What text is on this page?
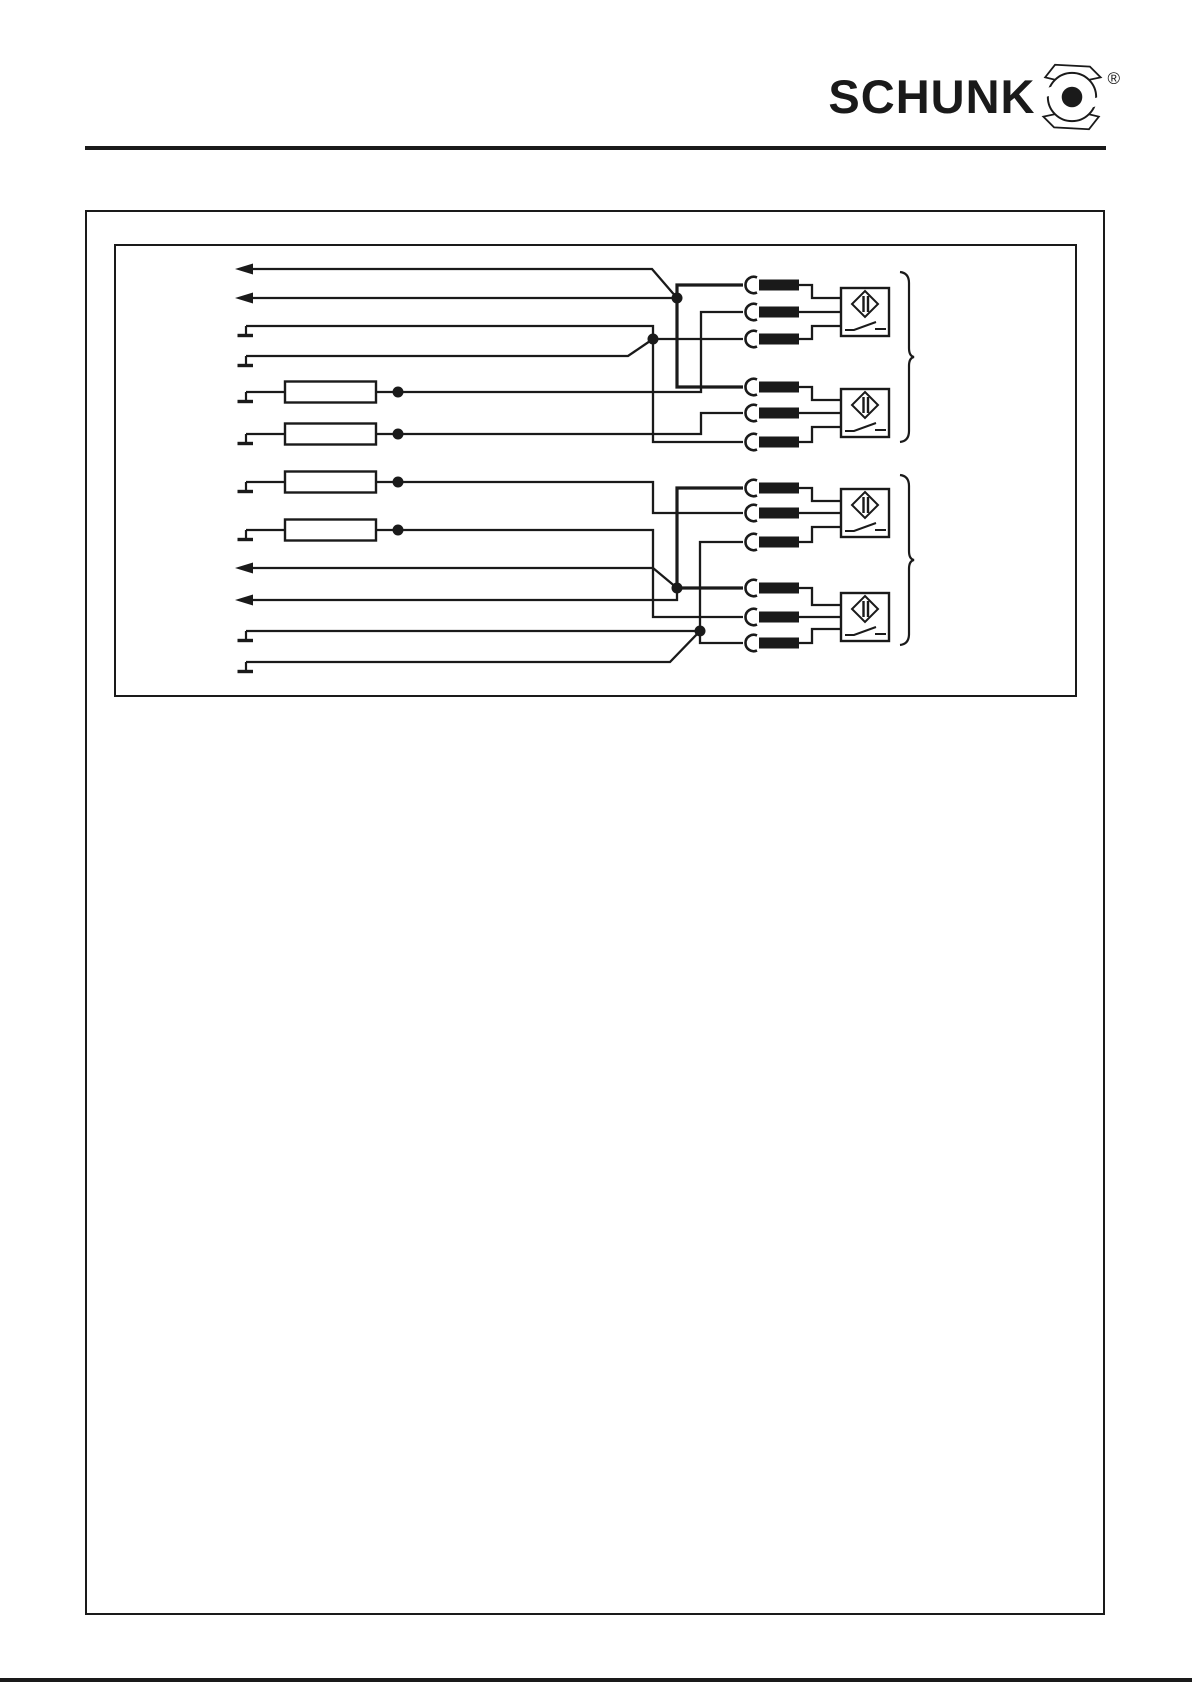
SCHUNK	®
